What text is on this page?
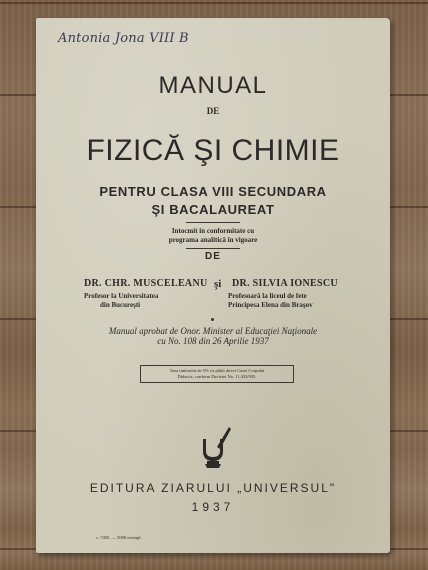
Antonia Jona VIII B
MANUAL
DE
FIZICĂ ŞI CHIMIE
PENTRU CLASA VIII SECUNDARA
ŞI BACALAUREAT
Intocmit in conformitate cu
programa analitică în vigoare
DE
DR. CHR. MUSCELEANU
Profesor la Universitatea
din Bucureşti
şi DR. SILVIA IONESCU
Profesoară la liceul de fete
Principesa Elena din Braşov
Manual aprobat de Onor. Minister al Educaţiei Naţionale
cu No. 108 din 26 Aprilie 1937
Taxa timbrului de 5% s'a plătit direct Casei Corpului
Didactic, conform Deciziei No. 11.433/935.
EDITURA ZIARULUI „UNIVERSUL"
1937
c. 7495. — 5000 exempl.
